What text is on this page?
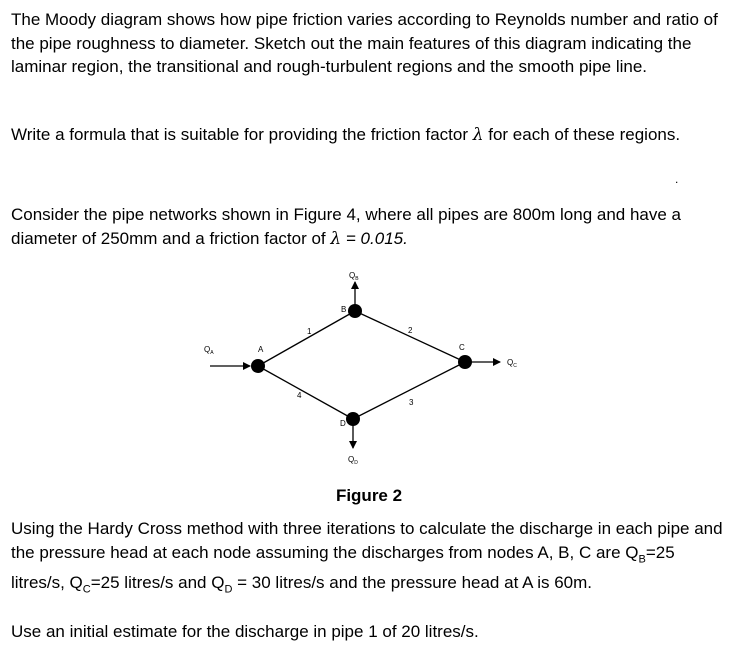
The Moody diagram shows how pipe friction varies according to Reynolds number and ratio of the pipe roughness to diameter. Sketch out the main features of this diagram indicating the laminar region, the transitional and rough-turbulent regions and the smooth pipe line.

Write a formula that is suitable for providing the friction factor λ for each of these regions.

.

Consider the pipe networks shown in Figure 4, where all pipes are 800m long and have a diameter of 250mm and a friction factor of λ = 0.015.

A
B
C
D
1	2
3
4
$Q_A$
$Q_B$
$Q_C$
$Q_D$
Figure 2

Using the Hardy Cross method with three iterations to calculate the discharge in each pipe and the pressure head at each node assuming the discharges from nodes A, B, C are $Q_B=25$ litres/s, $Q_C=25$ litres/s and $Q_D = 30$ litres/s and the pressure head at A is 60m.

Use an initial estimate for the discharge in pipe 1 of 20 litres/s.
